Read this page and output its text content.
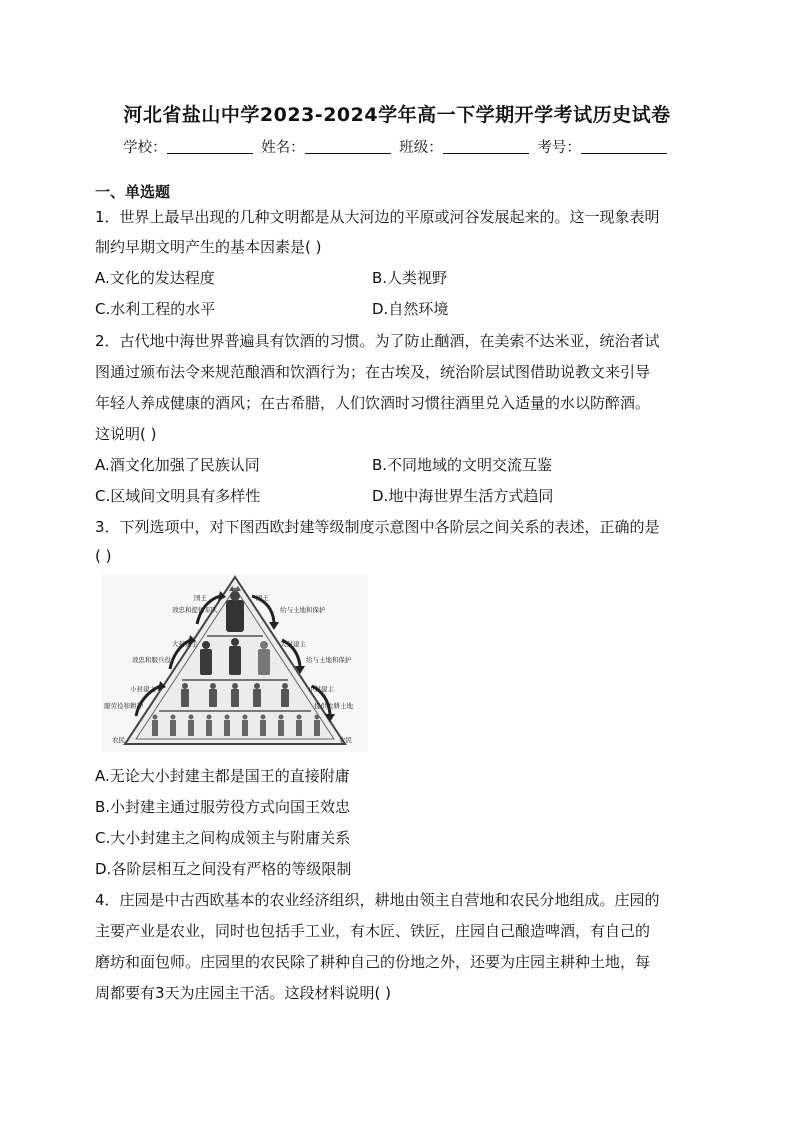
河北省盐山中学2023-2024学年高一下学期开学考试历史试卷
学校：	姓名：	班级：	考号：
一、单选题
1．世界上最早出现的几种文明都是从大河边的平原或河谷发展起来的。这一现象表明
制约早期文明产生的基本因素是( )
A.文化的发达程度	B.人类视野
C.水利工程的水平	D.自然环境
2．古代地中海世界普遍具有饮酒的习惯。为了防止酗酒，在美索不达米亚，统治者试
图通过颁布法令来规范酿酒和饮酒行为；在古埃及，统治阶层试图借助说教文来引导
年轻人养成健康的酒风；在古希腊，人们饮酒时习惯往酒里兑入适量的水以防醉酒。
这说明( )
A.酒文化加强了民族认同	B.不同地域的文明交流互鉴
C.区域间文明具有多样性	D.地中海世界生活方式趋同
3．下列选项中，对下图西欧封建等级制度示意图中各阶层之间关系的表述，正确的是
( )
国王	国王
大封建主	大封建主
小封建主	小封建主
农民	农民
效忠和提供军队
效忠和服兵役
服劳役和耕种
给与土地和保护
给与土地和保护
提供农耕土地
A.无论大小封建主都是国王的直接附庸
B.小封建主通过服劳役方式向国王效忠
C.大小封建主之间构成领主与附庸关系
D.各阶层相互之间没有严格的等级限制
4．庄园是中古西欧基本的农业经济组织，耕地由领主自营地和农民分地组成。庄园的
主要产业是农业，同时也包括手工业，有木匠、铁匠，庄园自己酿造啤酒，有自己的
磨坊和面包师。庄园里的农民除了耕种自己的份地之外，还要为庄园主耕种土地，每
周都要有3天为庄园主干活。这段材料说明( )
